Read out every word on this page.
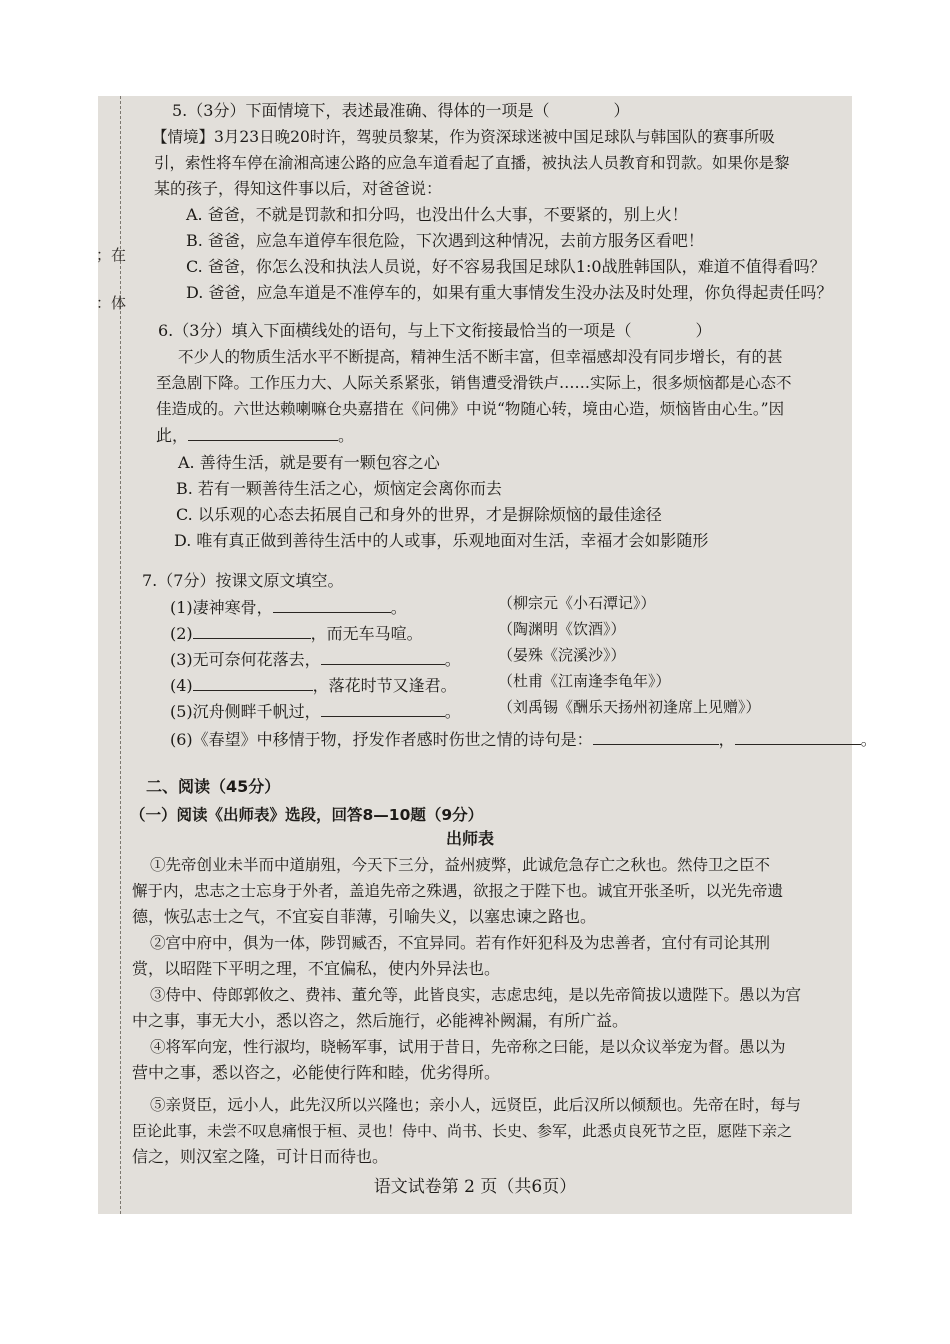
；在
：体
5.（3分）下面情境下，表述最准确、得体的一项是（　　　　）
【情境】3月23日晚20时许，驾驶员黎某，作为资深球迷被中国足球队与韩国队的赛事所吸
引，索性将车停在渝湘高速公路的应急车道看起了直播，被执法人员教育和罚款。如果你是黎
某的孩子，得知这件事以后，对爸爸说：
A. 爸爸，不就是罚款和扣分吗，也没出什么大事，不要紧的，别上火！
B. 爸爸，应急车道停车很危险，下次遇到这种情况，去前方服务区看吧！
C. 爸爸，你怎么没和执法人员说，好不容易我国足球队1:0战胜韩国队，难道不值得看吗？
D. 爸爸，应急车道是不准停车的，如果有重大事情发生没办法及时处理，你负得起责任吗？
6.（3分）填入下面横线处的语句，与上下文衔接最恰当的一项是（　　　　）
不少人的物质生活水平不断提高，精神生活不断丰富，但幸福感却没有同步增长，有的甚
至急剧下降。工作压力大、人际关系紧张，销售遭受滑铁卢……实际上，很多烦恼都是心态不
佳造成的。六世达赖喇嘛仓央嘉措在《问佛》中说“物随心转，境由心造，烦恼皆由心生。”因
此，	。
A. 善待生活，就是要有一颗包容之心
B. 若有一颗善待生活之心，烦恼定会离你而去
C. 以乐观的心态去拓展自己和身外的世界，才是摒除烦恼的最佳途径
D. 唯有真正做到善待生活中的人或事，乐观地面对生活，幸福才会如影随形
7.（7分）按课文原文填空。
(1)凄神寒骨，	。	（柳宗元《小石潭记》）
(2)	，而无车马喧。	（陶渊明《饮酒》）
(3)无可奈何花落去，	。 （晏殊《浣溪沙》）
(4)	，落花时节又逢君。	（杜甫《江南逢李龟年》）
(5)沉舟侧畔千帆过，	。 （刘禹锡《酬乐天扬州初逢席上见赠》）
(6)《春望》中移情于物，抒发作者感时伤世之情的诗句是：	，	。
二、阅读（45分）
（一）阅读《出师表》选段，回答8—10题（9分）
出师表
①先帝创业未半而中道崩殂，今天下三分，益州疲弊，此诚危急存亡之秋也。然侍卫之臣不
懈于内，忠志之士忘身于外者，盖追先帝之殊遇，欲报之于陛下也。诚宜开张圣听，以光先帝遗
德，恢弘志士之气，不宜妄自菲薄，引喻失义，以塞忠谏之路也。
②宫中府中，俱为一体，陟罚臧否，不宜异同。若有作奸犯科及为忠善者，宜付有司论其刑
赏，以昭陛下平明之理，不宜偏私，使内外异法也。
③侍中、侍郎郭攸之、费祎、董允等，此皆良实，志虑忠纯，是以先帝简拔以遗陛下。愚以为宫
中之事，事无大小，悉以咨之，然后施行，必能裨补阙漏，有所广益。
④将军向宠，性行淑均，晓畅军事，试用于昔日，先帝称之曰能，是以众议举宠为督。愚以为
营中之事，悉以咨之，必能使行阵和睦，优劣得所。
⑤亲贤臣，远小人，此先汉所以兴隆也；亲小人，远贤臣，此后汉所以倾颓也。先帝在时，每与
臣论此事，未尝不叹息痛恨于桓、灵也！侍中、尚书、长史、参军，此悉贞良死节之臣，愿陛下亲之
信之，则汉室之隆，可计日而待也。
语文试卷第 2 页（共6页）
